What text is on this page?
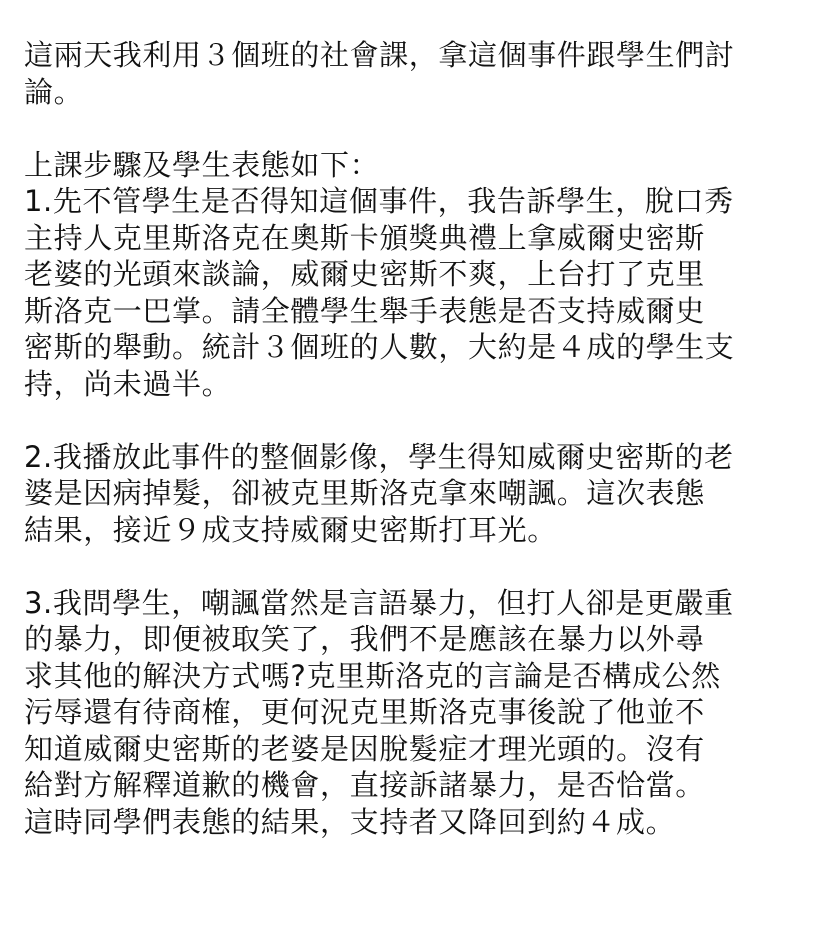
這兩天我利用３個班的社會課，拿這個事件跟學生們討
論。

上課步驟及學生表態如下：
1.先不管學生是否得知這個事件，我告訴學生，脫口秀
主持人克里斯洛克在奧斯卡頒獎典禮上拿威爾史密斯
老婆的光頭來談論，威爾史密斯不爽，上台打了克里
斯洛克一巴掌。請全體學生舉手表態是否支持威爾史
密斯的舉動。統計３個班的人數，大約是４成的學生支
持，尚未過半。

2.我播放此事件的整個影像，學生得知威爾史密斯的老
婆是因病掉髮，卻被克里斯洛克拿來嘲諷。這次表態
結果，接近９成支持威爾史密斯打耳光。

3.我問學生，嘲諷當然是言語暴力，但打人卻是更嚴重
的暴力，即便被取笑了，我們不是應該在暴力以外尋
求其他的解決方式嗎?克里斯洛克的言論是否構成公然
污辱還有待商榷，更何況克里斯洛克事後說了他並不
知道威爾史密斯的老婆是因脫髮症才理光頭的。沒有
給對方解釋道歉的機會，直接訴諸暴力，是否恰當。
這時同學們表態的結果，支持者又降回到約４成。
